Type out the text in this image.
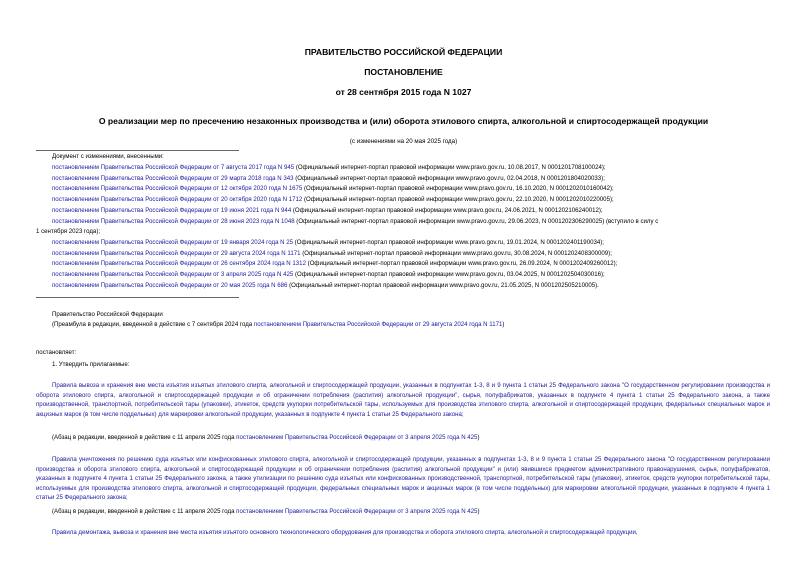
ПРАВИТЕЛЬСТВО РОССИЙСКОЙ ФЕДЕРАЦИИ
ПОСТАНОВЛЕНИЕ
от 28 сентября 2015 года N 1027
О реализации мер по пресечению незаконных производства и (или) оборота этилового спирта, алкогольной и спиртосодержащей продукции
(с изменениями на 20 мая 2025 года)
Документ с изменениями, внесенными:
постановлением Правительства Российской Федерации от 7 августа 2017 года N 945 (Официальный интернет-портал правовой информации www.pravo.gov.ru, 10.08.2017, N 0001201708100024);
постановлением Правительства Российской Федерации от 29 марта 2018 года N 343 (Официальный интернет-портал правовой информации www.pravo.gov.ru, 02.04.2018, N 0001201804020033);
постановлением Правительства Российской Федерации от 12 октября 2020 года N 1675 (Официальный интернет-портал правовой информации www.pravo.gov.ru, 16.10.2020, N 0001202010160042);
постановлением Правительства Российской Федерации от 20 октября 2020 года N 1712 (Официальный интернет-портал правовой информации www.pravo.gov.ru, 22.10.2020, N 0001202010220005);
постановлением Правительства Российской Федерации от 19 июня 2021 года N 944 (Официальный интернет-портал правовой информации www.pravo.gov.ru, 24.06.2021, N 0001202106240012);
постановлением Правительства Российской Федерации от 28 июня 2023 года N 1048 (Официальный интернет-портал правовой информации www.pravo.gov.ru, 29.06.2023, N 0001202306290025) (вступило в силу с
1 сентября 2023 года);
постановлением Правительства Российской Федерации от 19 января 2024 года N 25 (Официальный интернет-портал правовой информации www.pravo.gov.ru, 19.01.2024, N 0001202401190034);
постановлением Правительства Российской Федерации от 29 августа 2024 года N 1171 (Официальный интернет-портал правовой информации www.pravo.gov.ru, 30.08.2024, N 0001202408300009);
постановлением Правительства Российской Федерации от 26 сентября 2024 года N 1312 (Официальный интернет-портал правовой информации www.pravo.gov.ru, 26.09.2024, N 0001202409260012);
постановлением Правительства Российской Федерации от 3 апреля 2025 года N 425 (Официальный интернет-портал правовой информации www.pravo.gov.ru, 03.04.2025, N 0001202504030016);
постановлением Правительства Российской Федерации от 20 мая 2025 года N 686 (Официальный интернет-портал правовой информации www.pravo.gov.ru, 21.05.2025, N 0001202505210005).
Правительство Российской Федерации
(Преамбула в редакции, введенной в действие с 7 сентября 2024 года постановлением Правительства Российской Федерации от 29 августа 2024 года N 1171)
постановляет:
1. Утвердить прилагаемые:
Правила вывоза и хранения вне места изъятия изъятых этилового спирта, алкогольной и спиртосодержащей продукции, указанных в подпунктах 1-3, 8 и 9 пункта 1 статьи 25 Федерального закона "О государственном регулировании производства и оборота этилового спирта, алкогольной и спиртосодержащей продукции и об ограничении потребления (распития) алкогольной продукции", сырья, полуфабрикатов, указанных в подпункте 4 пункта 1 статьи 25 Федерального закона, а также производственной, транспортной, потребительской тары (упаковки), этикеток, средств укупорки потребительской тары, используемых для производства этилового спирта, алкогольной и спиртосодержащей продукции, федеральных специальных марок и акцизных марок (в том числе поддельных) для маркировки алкогольной продукции, указанных в подпункте 4 пункта 1 статьи 25 Федерального закона;
(Абзац в редакции, введенной в действие с 11 апреля 2025 года постановлением Правительства Российской Федерации от 3 апреля 2025 года N 425)
Правила уничтожения по решению суда изъятых или конфискованных этилового спирта, алкогольной и спиртосодержащей продукции, указанных в подпунктах 1-3, 8 и 9 пункта 1 статьи 25 Федерального закона "О государственном регулировании производства и оборота этилового спирта, алкогольной и спиртосодержащей продукции и об ограничении потребления (распития) алкогольной продукции" и (или) явившихся предметом административного правонарушения, сырья, полуфабрикатов, указанных в подпункте 4 пункта 1 статьи 25 Федерального закона, а также утилизации по решению суда изъятых или конфискованных производственной, транспортной, потребительской тары (упаковки), этикеток, средств укупорки потребительской тары, используемых для производства этилового спирта, алкогольной и спиртосодержащей продукции, федеральных специальных марок и акцизных марок (в том числе поддельных) для маркировки алкогольной продукции, указанных в подпункте 4 пункта 1 статьи 25 Федерального закона;
(Абзац в редакции, введенной в действие с 11 апреля 2025 года постановлением Правительства Российской Федерации от 3 апреля 2025 года N 425)
Правила демонтажа, вывоза и хранения вне места изъятия изъятого основного технологического оборудования для производства и оборота этилового спирта, алкогольной и спиртосодержащей продукции,
